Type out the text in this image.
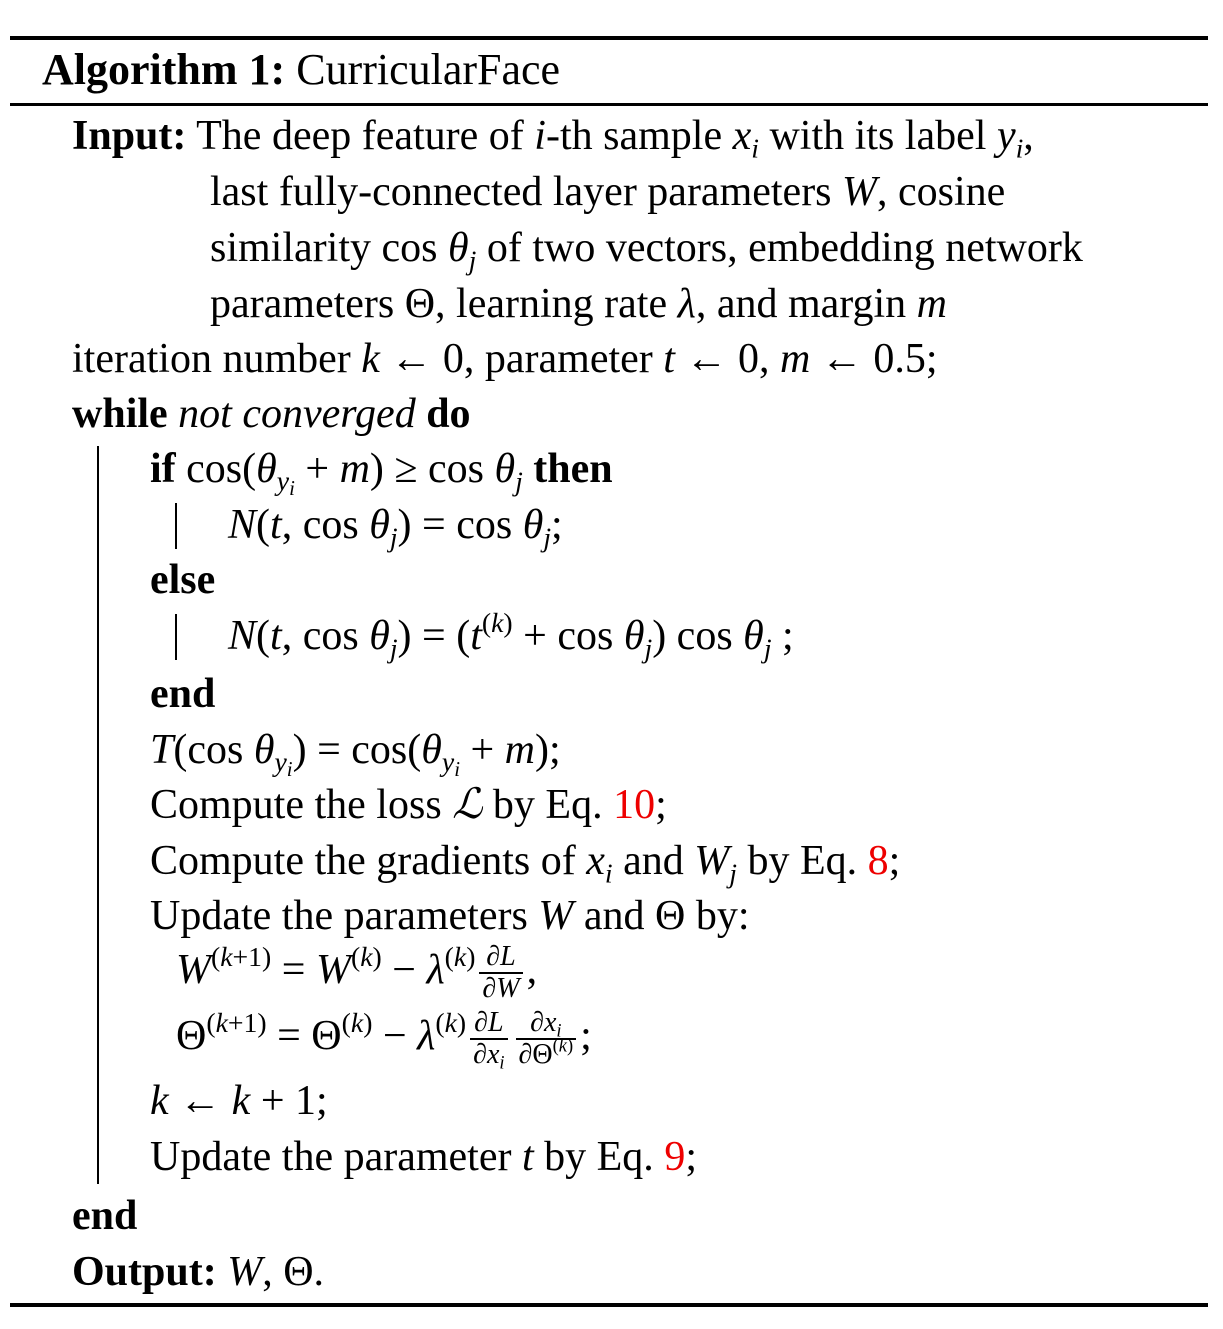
Algorithm 1: CurricularFace
Input: The deep feature of i-th sample $x_i$ with its label $y_i$,
last fully-connected layer parameters W, cosine
similarity $\cos \theta_j$ of two vectors, embedding network
parameters Θ, learning rate λ, and margin m
iteration number k ← 0, parameter t ← 0, m ← 0.5;
while not converged do
if $\cos(\theta_{yi} + m) \ge \cos \theta_j$ then
N(t, $\cos \theta_j) = \cos \theta_j$;
else
N(t, $\cos \theta_j) = (t^{(k)} + \cos \theta_j)$ $\cos \theta_j$ ;
end
T(cos $\theta_{yi}) = \cos(\theta_{yi} + m)$;
Compute the loss ℒ by Eq. 10;
Compute the gradients of $x_i$ and $W_j$ by Eq. 8;
Update the parameters W and Θ by:
$W^{(k+1)} = W^{(k)} - \lambda^{(k)} \frac{\partial L}{\partial W}$ ,
$\Theta^{(k+1)} = \Theta^{(k)} - \lambda^{(k)} \frac{\partial L}{\partial x_i} \frac{\partial x_i}{\partial\Theta^{(k)}}$ ;
k ← k + 1;
Update the parameter t by Eq. 9;
end
Output: W, Θ.
